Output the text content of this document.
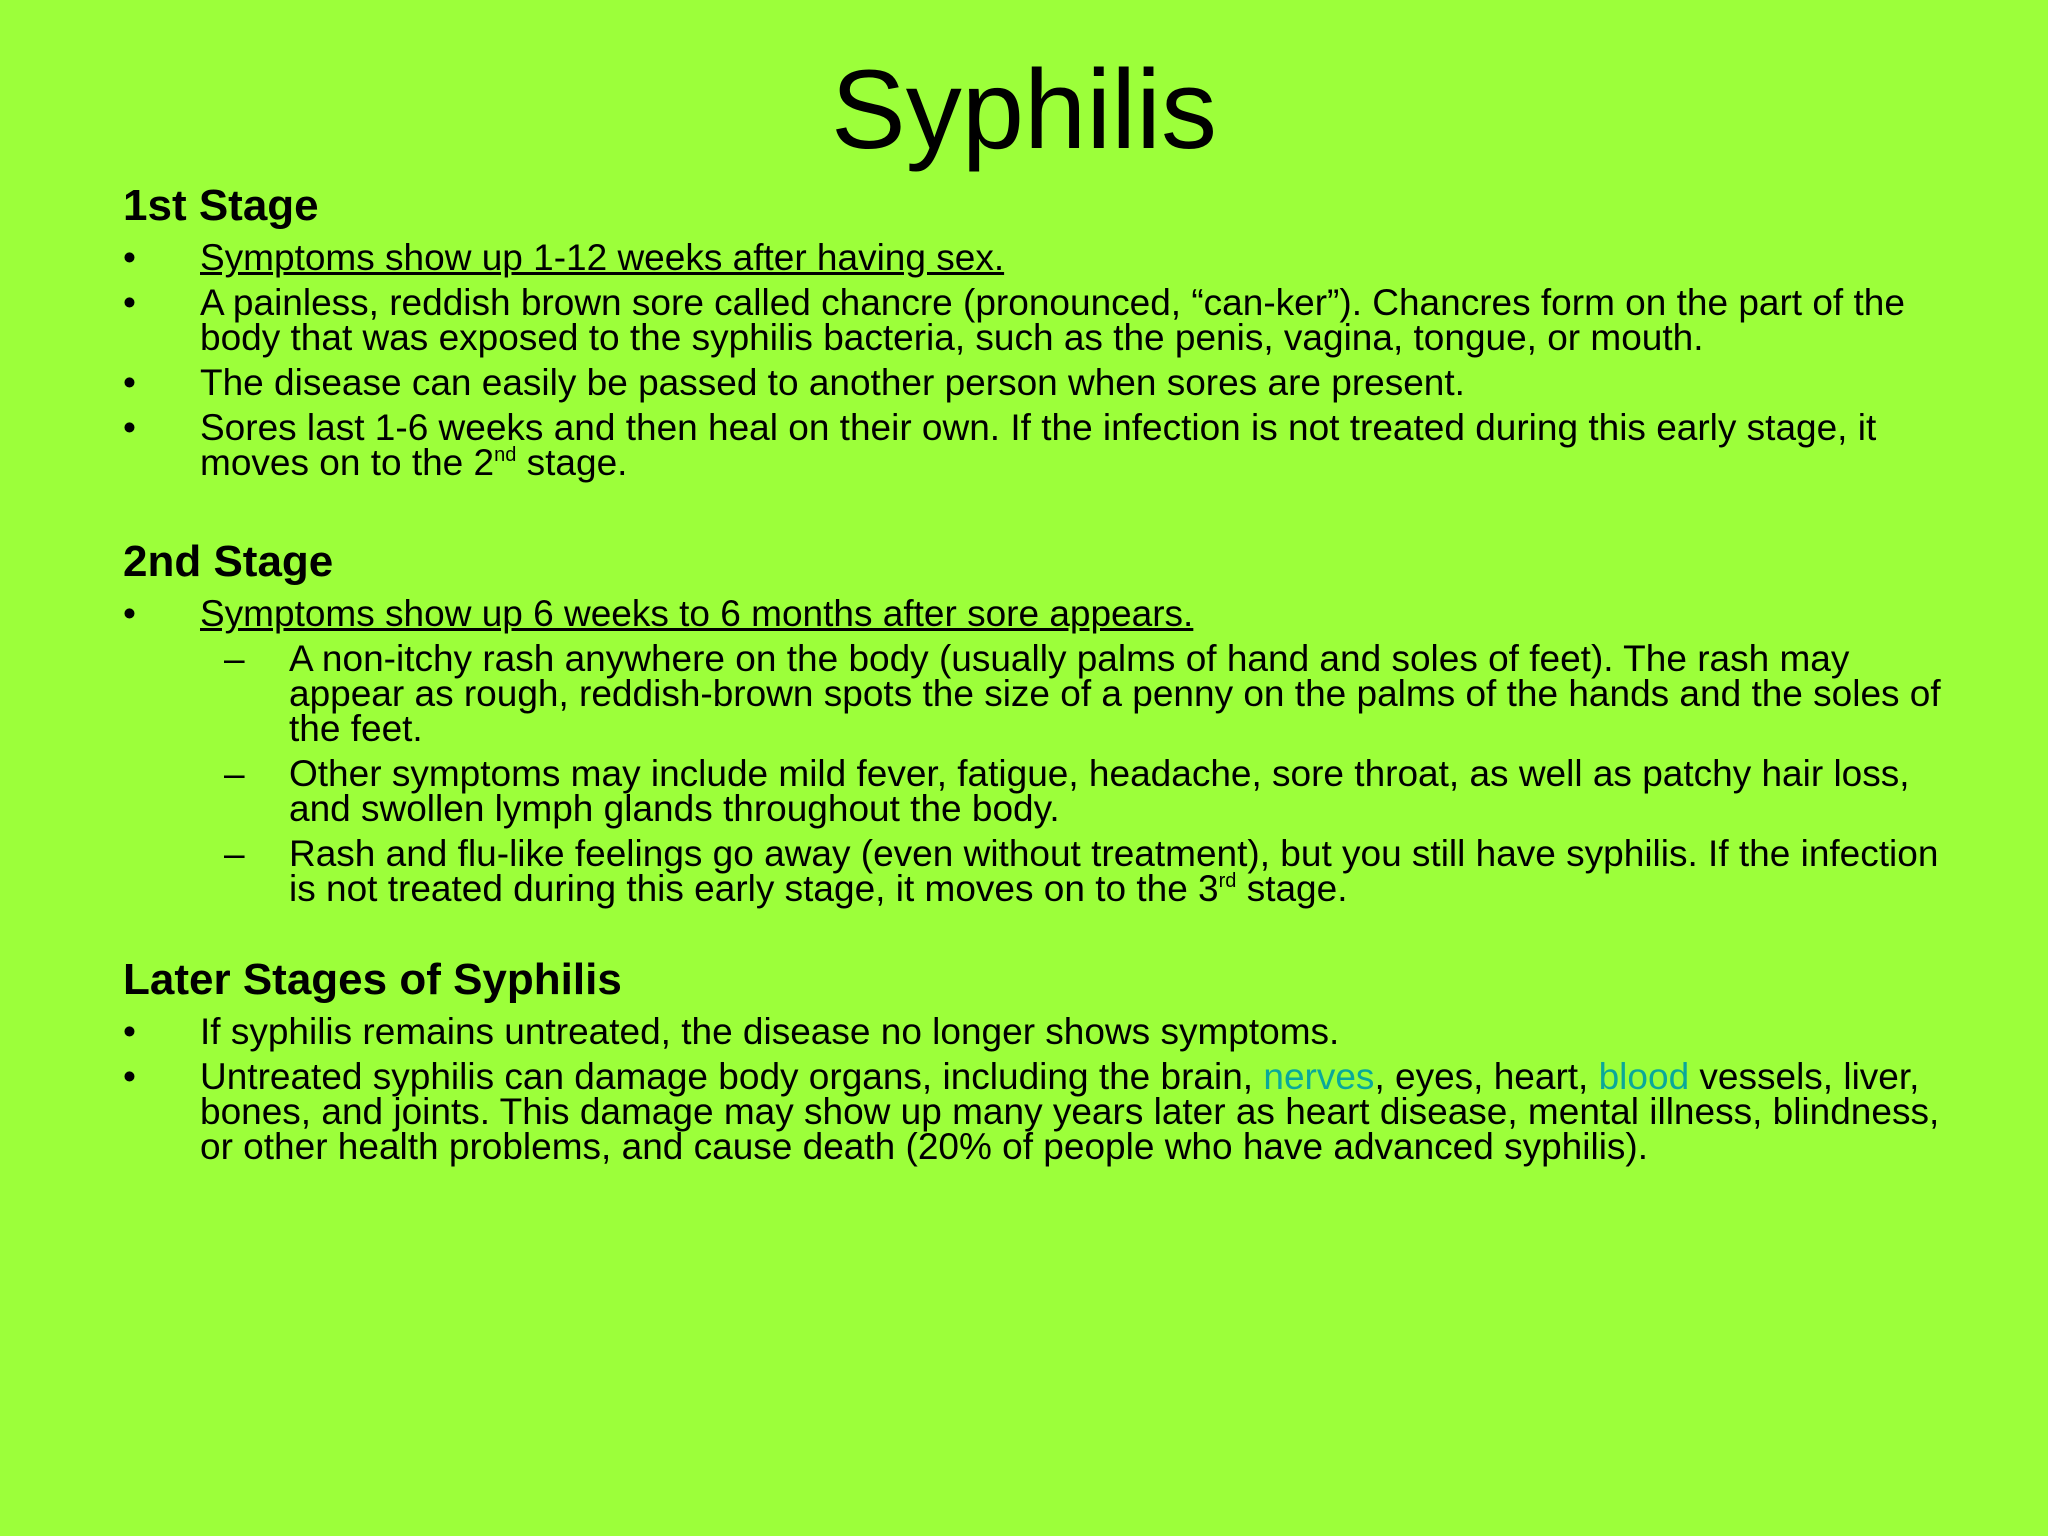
Syphilis

1st Stage

• Symptoms show up 1-12 weeks after having sex.
• A painless, reddish brown sore called chancre (pronounced, “can-ker”). Chancres form on the part of the body that was exposed to the syphilis bacteria, such as the penis, vagina, tongue, or mouth.
• The disease can easily be passed to another person when sores are present.
• Sores last 1-6 weeks and then heal on their own. If the infection is not treated during this early stage, it moves on to the 2nd stage.

2nd Stage

• Symptoms show up 6 weeks to 6 months after sore appears.
– A non-itchy rash anywhere on the body (usually palms of hand and soles of feet). The rash may appear as rough, reddish-brown spots the size of a penny on the palms of the hands and the soles of the feet.
– Other symptoms may include mild fever, fatigue, headache, sore throat, as well as patchy hair loss, and swollen lymph glands throughout the body.
– Rash and flu-like feelings go away (even without treatment), but you still have syphilis. If the infection is not treated during this early stage, it moves on to the 3rd stage.

Later Stages of Syphilis

• If syphilis remains untreated, the disease no longer shows symptoms.
• Untreated syphilis can damage body organs, including the brain, nerves, eyes, heart, blood vessels, liver, bones, and joints. This damage may show up many years later as heart disease, mental illness, blindness, or other health problems, and cause death (20% of people who have advanced syphilis).
